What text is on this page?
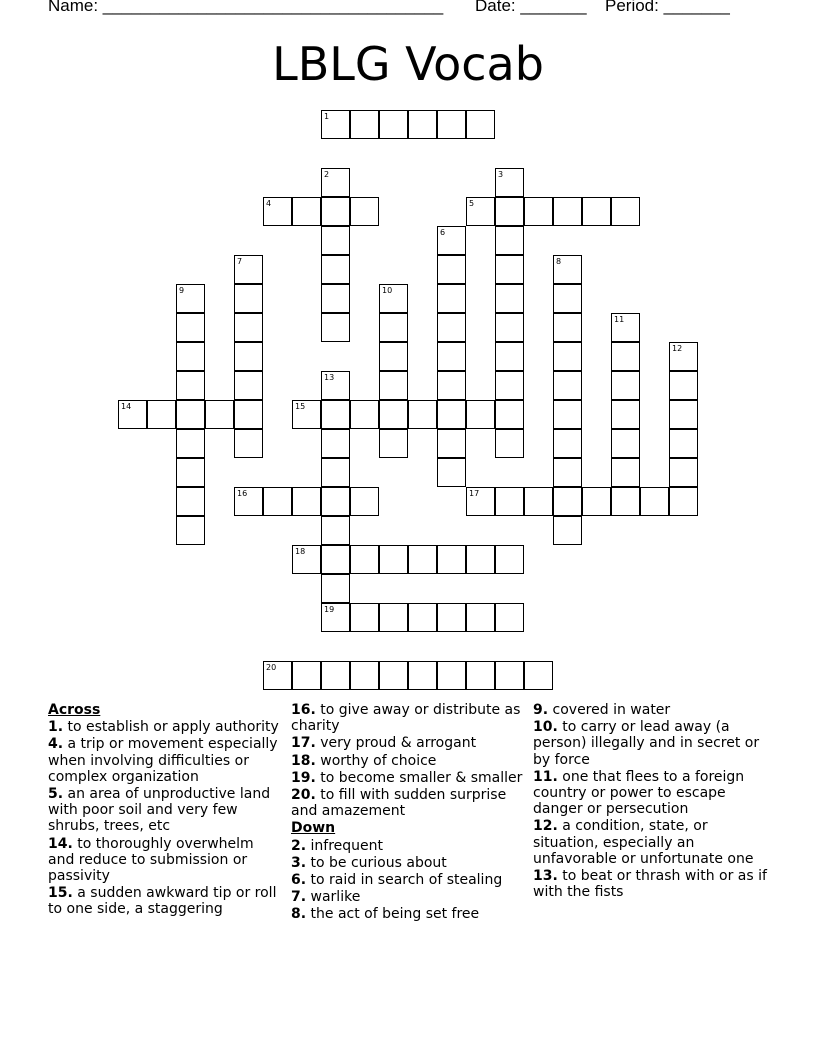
Name: ____________________________________

Date: _______

Period: _______

LBLG Vocab
1
2	3
4	5
6
7	8
9	10
11
12
13
14	15
16	17
18
19
20
Across
1. to establish or apply authority
4. a trip or movement especially when involving difficulties or complex organization
5. an area of unproductive land with poor soil and very few shrubs, trees, etc
14. to thoroughly overwhelm and reduce to submission or passivity
15. a sudden awkward tip or roll to one side, a staggering
16. to give away or distribute as charity
17. very proud & arrogant
18. worthy of choice
19. to become smaller & smaller
20. to fill with sudden surprise and amazement
Down
2. infrequent
3. to be curious about
6. to raid in search of stealing
7. warlike
8. the act of being set free
9. covered in water
10. to carry or lead away (a person) illegally and in secret or by force
11. one that flees to a foreign country or power to escape danger or persecution
12. a condition, state, or situation, especially an unfavorable or unfortunate one
13. to beat or thrash with or as if with the fists
